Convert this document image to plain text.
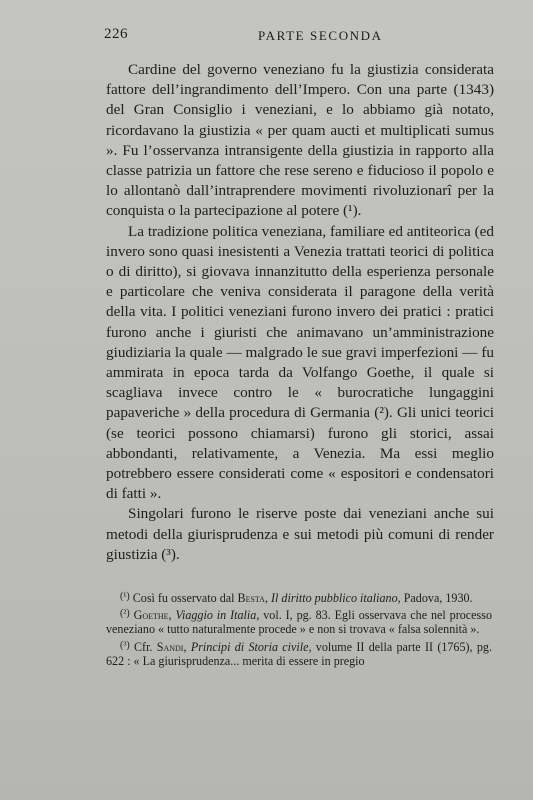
226	PARTE SECONDA

Cardine del governo veneziano fu la giustizia considerata fattore dell’ingrandimento dell’Impero. Con una parte (1343) del Gran Consiglio i veneziani, e lo abbiamo già notato, ricordavano la giustizia « per quam aucti et multiplicati sumus ». Fu l’osservanza intransigente della giustizia in rapporto alla classe patrizia un fattore che rese sereno e fiducioso il popolo e lo allontanò dall’intraprendere movimenti rivoluzionarî per la conquista o la partecipazione al potere (¹).

La tradizione politica veneziana, familiare ed antiteorica (ed invero sono quasi inesistenti a Venezia trattati teorici di politica o di diritto), si giovava innanzitutto della esperienza personale e particolare che veniva considerata il paragone della verità della vita. I politici veneziani furono invero dei pratici : pratici furono anche i giuristi che animavano un’amministrazione giudiziaria la quale — malgrado le sue gravi imperfezioni — fu ammirata in epoca tarda da Volfango Goethe, il quale si scagliava invece contro le « burocratiche lungaggini papaveriche » della procedura di Germania (²). Gli unici teorici (se teorici possono chiamarsi) furono gli storici, assai abbondanti, relativamente, a Venezia. Ma essi meglio potrebbero essere considerati come « espositori e condensatori di fatti ».

Singolari furono le riserve poste dai veneziani anche sui metodi della giurisprudenza e sui metodi più comuni di render giustizia (³).

$^{(^1)}$ Così fu osservato dal Besta, Il diritto pubblico italiano, Padova, 1930.

$^{(^2)}$ Goethe, Viaggio in Italia, vol. I, pg. 83. Egli osservava che nel processo veneziano « tutto naturalmente procede » e non si trovava « falsa solennità ».

$^{(^3)}$ Cfr. Sandi, Principi di Storia civile, volume II della parte II (1765), pg. 622 : « La giurisprudenza... merita di essere in pregio
